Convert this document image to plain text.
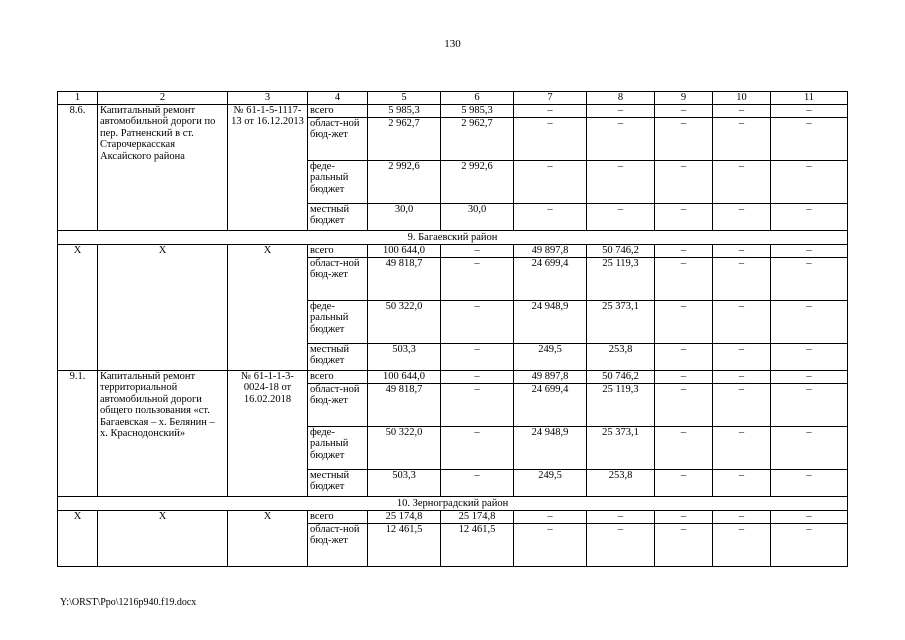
130
1	2	3	4	5	6	7	8	9	10	11
8.6.	Капитальный ремонт автомобильной дороги по пер. Ратненский в ст. Старочеркасская Аксайского района	№ 61-1-5-1117-13 от 16.12.2013	всего	5 985,3	5 985,3	–	–	–	–	–
			област-ной бюд-жет	2 962,7	2 962,7	–	–	–	–	–
			феде-ральный бюджет	2 992,6	2 992,6	–	–	–	–	–
			местный бюджет	30,0	30,0	–	–	–	–	–
9. Багаевский район										
Х	Х	Х	всего	100 644,0	–	49 897,8	50 746,2	–	–	–
			област-ной бюд-жет	49 818,7	–	24 699,4	25 119,3	–	–	–
			феде-ральный бюджет	50 322,0	–	24 948,9	25 373,1	–	–	–
			местный бюджет	503,3	–	249,5	253,8	–	–	–
9.1.	Капитальный ремонт территориальной автомобильной дороги общего пользования «ст. Багаевская – х. Белянин – х. Краснодонский»	№ 61-1-1-3-0024-18 от 16.02.2018	всего	100 644,0	–	49 897,8	50 746,2	–	–	–
			област-ной бюд-жет	49 818,7	–	24 699,4	25 119,3	–	–	–
			феде-ральный бюджет	50 322,0	–	24 948,9	25 373,1	–	–	–
			местный бюджет	503,3	–	249,5	253,8	–	–	–
10. Зерноградский район										
Х	Х	Х	всего	25 174,8	25 174,8	–	–	–	–	–
			област-ной бюд-жет	12 461,5	12 461,5	–	–	–	–	–
Y:\ORST\Ppo\1216p940.f19.docx
